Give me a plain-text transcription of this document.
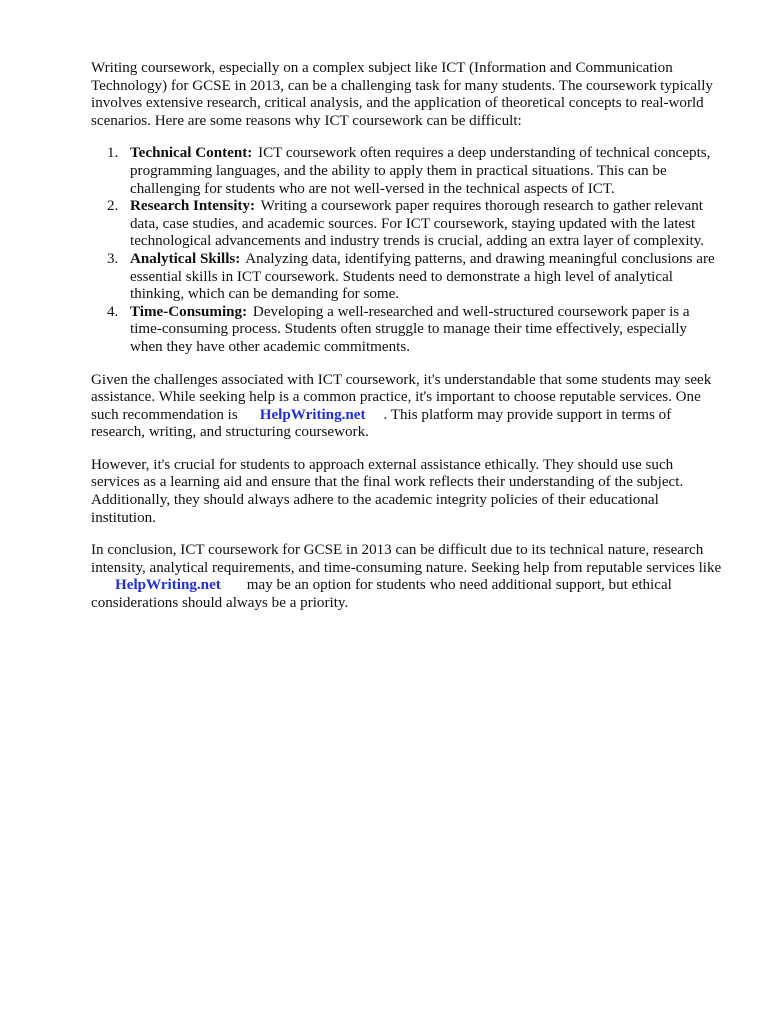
Writing coursework, especially on a complex subject like ICT (Information and Communication Technology) for GCSE in 2013, can be a challenging task for many students. The coursework typically involves extensive research, critical analysis, and the application of theoretical concepts to real-world scenarios. Here are some reasons why ICT coursework can be difficult:

1. Technical Content: ICT coursework often requires a deep understanding of technical concepts, programming languages, and the ability to apply them in practical situations. This can be challenging for students who are not well-versed in the technical aspects of ICT.
2. Research Intensity: Writing a coursework paper requires thorough research to gather relevant data, case studies, and academic sources. For ICT coursework, staying updated with the latest technological advancements and industry trends is crucial, adding an extra layer of complexity.
3. Analytical Skills: Analyzing data, identifying patterns, and drawing meaningful conclusions are essential skills in ICT coursework. Students need to demonstrate a high level of analytical thinking, which can be demanding for some.
4. Time-Consuming: Developing a well-researched and well-structured coursework paper is a time-consuming process. Students often struggle to manage their time effectively, especially when they have other academic commitments.

Given the challenges associated with ICT coursework, it's understandable that some students may seek assistance. While seeking help is a common practice, it's important to choose reputable services. One such recommendation is HelpWriting.net . This platform may provide support in terms of research, writing, and structuring coursework.

However, it's crucial for students to approach external assistance ethically. They should use such services as a learning aid and ensure that the final work reflects their understanding of the subject. Additionally, they should always adhere to the academic integrity policies of their educational institution.

In conclusion, ICT coursework for GCSE in 2013 can be difficult due to its technical nature, research intensity, analytical requirements, and time-consuming nature. Seeking help from reputable services likeHelpWriting.net may be an option for students who need additional support, but ethical considerations should always be a priority.
